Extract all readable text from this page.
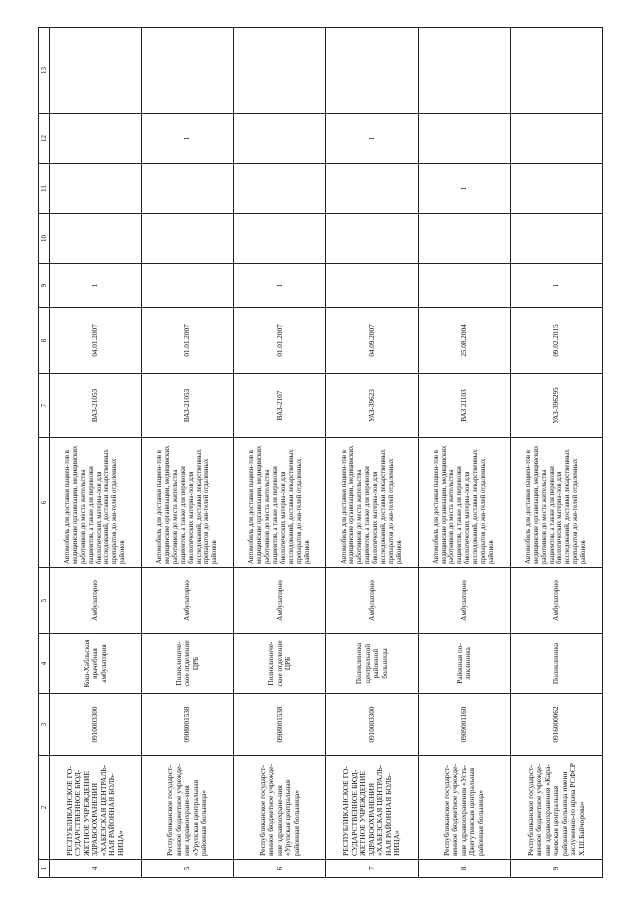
1	2	3	4	5	6	7	8	9	10	11	12	13
4	РЕСПУБЛИКАНСКОЕ ГО-СУДАРСТВЕННОЕ БЮД-ЖЕТНОЕ УЧРЕЖДЕНИЕ ЗДРАВООХРАНЕНИЯ «ХАБЕЗСКАЯ ЦЕНТРАЛЬ-НАЯ РАЙОННАЯ БОЛЬ-НИЦА»	0910003300	Кош-Хабльская врачебная амбулатория	Амбулаторно	Автомобиль для доставки пациен-тов в медицинские организации, медицинских работников до места жительства пациентов, а также для перевозки биологических материа-лов для исследований, доставки лекарственных препаратов до жи-телей отдаленных районов	ВАЗ-21053	04.01.2007	1				
5	Республиканское государст-венное бюджетное учрежде-ние здравоохране-ния «Урупская центральная районная больница»	0908001538	Поликлиниче-ское отделение ЦРБ	Амбулаторно	Автомобиль для доставки пациен-тов в медицинские организации, медицинских работников до места жительства пациентов, а также для перевозки биологических материа-лов для исследований, доставки лекарственных препаратов до жи-телей отдаленных районов	ВАЗ-21053	01.01.2007				1	
6	Республиканское государст-венное бюджетное учрежде-ние здравоохране-ния «Урупская центральная районная больница»	0908001538	Поликлиниче-ское отделение ЦРБ	Амбулаторно	Автомобиль для доставки пациен-тов в медицинские организации, медицинских работников до места жительства пациентов, а также для перевозки биологических материа-лов для исследований, доставки лекарственных препаратов до жи-телей отдаленных районов	ВАЗ-2107	01.01.2007	1				
7	РЕСПУБЛИКАНСКОЕ ГО-СУДАРСТВЕННОЕ БЮД-ЖЕТНОЕ УЧРЕЖДЕНИЕ ЗДРАВООХРАНЕНИЯ «ХАБЕЗСКАЯ ЦЕНТРАЛЬ-НАЯ РАЙОННАЯ БОЛЬ-НИЦА»	0910003300	Поликлиника центральной районной больницы	Амбулаторно	Автомобиль для доставки пациен-тов в медицинские организации, медицинских работников до места жительства пациентов, а также для перевозки биологических материа-лов для исследований, доставки лекарственных препаратов до жи-телей отдаленных районов	УАЗ-39623	04.09.2007				1	
8	Республиканское государст-венное бюджетное учрежде-ние здравоохранения «Усть-Джегутинская центральная районная больница»	0909001160	Районная по-ликлиника	Амбулаторно	Автомобиль для доставки пациен-тов в медицинские организации, медицинских работников до места жительства пациентов, а также для перевозки биологических материа-лов для исследований, доставки лекарственных препаратов до жи-телей отдаленных районов	ВАЗ 21103	25.08.2004			1		
9	Республиканское государст-венное бюджетное учрежде-ние здравоохранения «Кара-чаевская центральная районная больница имени заслуженно-го врача РСФСР Х.Ш.Байчорова»	0916000062	Поликлиника	Амбулаторно	Автомобиль для доставки пациен-тов в медицинские организации, медицинских работников до места жительства пациентов, а также для перевозки биологических материа-лов для исследований, доставки лекарственных препаратов до жи-телей отдаленных районов	УАЗ-396295	09.02.2015	1				
